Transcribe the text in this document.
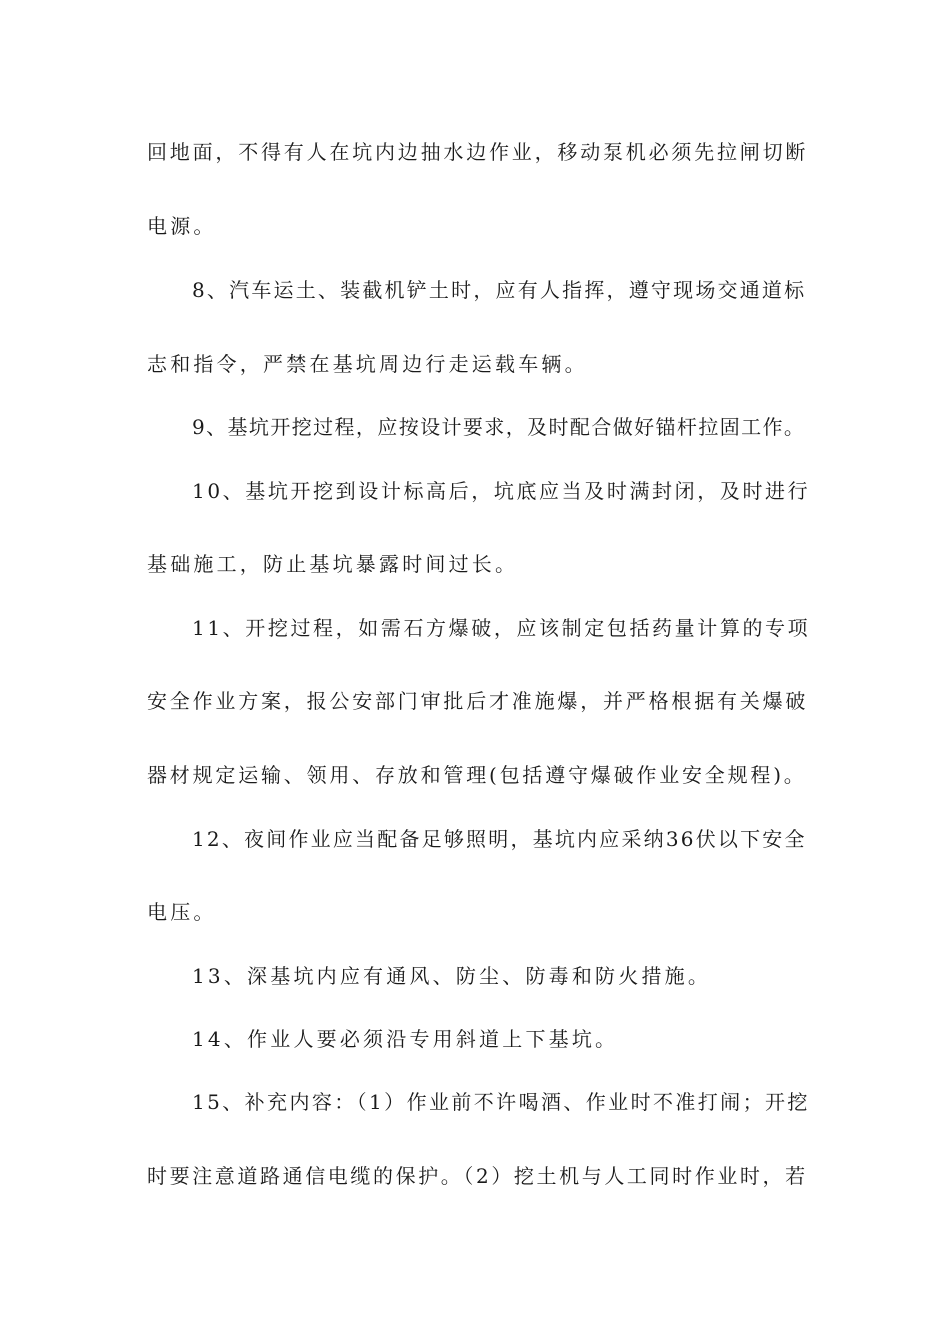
回地面，不得有人在坑内边抽水边作业，移动泵机必须先拉闸切断
电源。
8、汽车运土、装截机铲土时，应有人指挥，遵守现场交通道标
志和指令，严禁在基坑周边行走运载车辆。
9、基坑开挖过程，应按设计要求，及时配合做好锚杆拉固工作。
10、基坑开挖到设计标高后，坑底应当及时满封闭，及时进行
基础施工，防止基坑暴露时间过长。
11、开挖过程，如需石方爆破，应该制定包括药量计算的专项
安全作业方案，报公安部门审批后才准施爆，并严格根据有关爆破
器材规定运输、领用、存放和管理(包括遵守爆破作业安全规程)。
12、夜间作业应当配备足够照明，基坑内应采纳36伏以下安全
电压。
13、深基坑内应有通风、防尘、防毒和防火措施。
14、作业人要必须沿专用斜道上下基坑。
15、补充内容：（1）作业前不许喝酒、作业时不准打闹；开挖
时要注意道路通信电缆的保护。（2）挖土机与人工同时作业时，若
